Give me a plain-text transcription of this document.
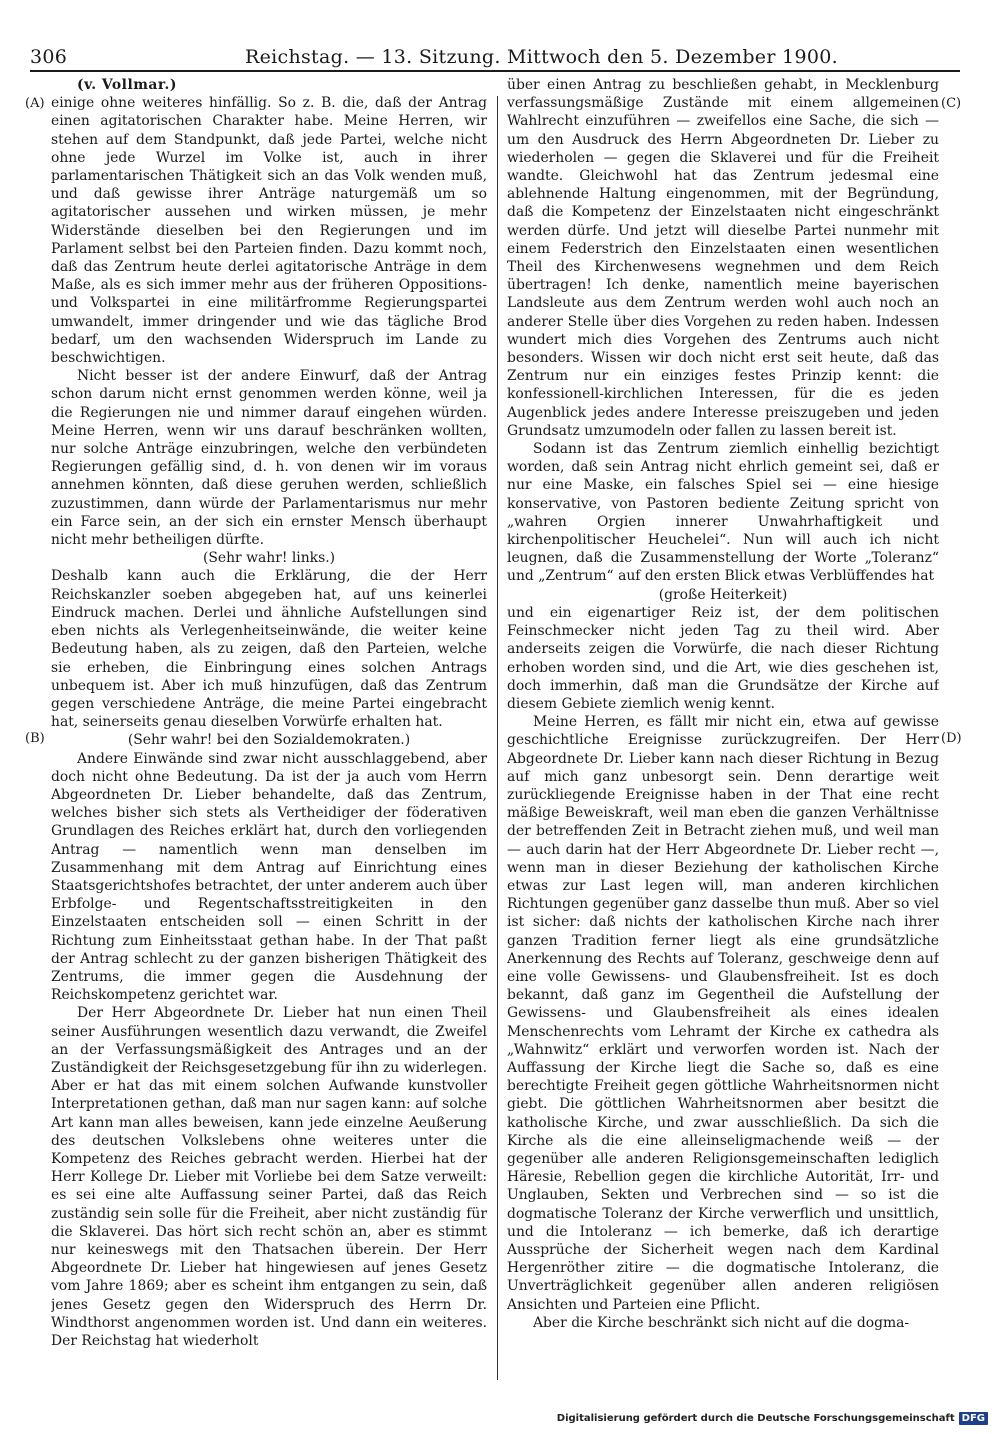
306	Reichstag. — 13. Sitzung. Mittwoch den 5. Dezember 1900.
(A)
(B)
(C)
(D)

(v. Vollmar.)

einige ohne weiteres hinfällig. So z. B. die, daß der Antrag einen agitatorischen Charakter habe. Meine Herren, wir stehen auf dem Standpunkt, daß jede Partei, welche nicht ohne jede Wurzel im Volke ist, auch in ihrer parlamentarischen Thätigkeit sich an das Volk wenden muß, und daß gewisse ihrer Anträge naturgemäß um so agitatorischer aussehen und wirken müssen, je mehr Widerstände dieselben bei den Regierungen und im Parlament selbst bei den Parteien finden. Dazu kommt noch, daß das Zentrum heute derlei agitatorische Anträge in dem Maße, als es sich immer mehr aus der früheren Oppositions- und Volkspartei in eine militärfromme Regierungspartei umwandelt, immer dringender und wie das tägliche Brod bedarf, um den wachsenden Widerspruch im Lande zu beschwichtigen.

Nicht besser ist der andere Einwurf, daß der Antrag schon darum nicht ernst genommen werden könne, weil ja die Regierungen nie und nimmer darauf eingehen würden. Meine Herren, wenn wir uns darauf beschränken wollten, nur solche Anträge einzubringen, welche den verbündeten Regierungen gefällig sind, d. h. von denen wir im voraus annehmen könnten, daß diese geruhen werden, schließlich zuzustimmen, dann würde der Parlamentarismus nur mehr ein Farce sein, an der sich ein ernster Mensch überhaupt nicht mehr betheiligen dürfte.

(Sehr wahr! links.)

Deshalb kann auch die Erklärung, die der Herr Reichskanzler soeben abgegeben hat, auf uns keinerlei Eindruck machen. Derlei und ähnliche Aufstellungen sind eben nichts als Verlegenheitseinwände, die weiter keine Bedeutung haben, als zu zeigen, daß den Parteien, welche sie erheben, die Einbringung eines solchen Antrags unbequem ist. Aber ich muß hinzufügen, daß das Zentrum gegen verschiedene Anträge, die meine Partei eingebracht hat, seinerseits genau dieselben Vorwürfe erhalten hat.

(Sehr wahr! bei den Sozialdemokraten.)

Andere Einwände sind zwar nicht ausschlaggebend, aber doch nicht ohne Bedeutung. Da ist der ja auch vom Herrn Abgeordneten Dr. Lieber behandelte, daß das Zentrum, welches bisher sich stets als Vertheidiger der föderativen Grundlagen des Reiches erklärt hat, durch den vorliegenden Antrag — namentlich wenn man denselben im Zusammenhang mit dem Antrag auf Einrichtung eines Staatsgerichtshofes betrachtet, der unter anderem auch über Erbfolge- und Regentschaftsstreitigkeiten in den Einzelstaaten entscheiden soll — einen Schritt in der Richtung zum Einheitsstaat gethan habe. In der That paßt der Antrag schlecht zu der ganzen bisherigen Thätigkeit des Zentrums, die immer gegen die Ausdehnung der Reichskompetenz gerichtet war.

Der Herr Abgeordnete Dr. Lieber hat nun einen Theil seiner Ausführungen wesentlich dazu verwandt, die Zweifel an der Verfassungsmäßigkeit des Antrages und an der Zuständigkeit der Reichsgesetzgebung für ihn zu widerlegen. Aber er hat das mit einem solchen Aufwande kunstvoller Interpretationen gethan, daß man nur sagen kann: auf solche Art kann man alles beweisen, kann jede einzelne Aeußerung des deutschen Volkslebens ohne weiteres unter die Kompetenz des Reiches gebracht werden. Hierbei hat der Herr Kollege Dr. Lieber mit Vorliebe bei dem Satze verweilt: es sei eine alte Auffassung seiner Partei, daß das Reich zuständig sein solle für die Freiheit, aber nicht zuständig für die Sklaverei. Das hört sich recht schön an, aber es stimmt nur keineswegs mit den Thatsachen überein. Der Herr Abgeordnete Dr. Lieber hat hingewiesen auf jenes Gesetz vom Jahre 1869; aber es scheint ihm entgangen zu sein, daß jenes Gesetz gegen den Widerspruch des Herrn Dr. Windthorst angenommen worden ist. Und dann ein weiteres. Der Reichstag hat wiederholt

über einen Antrag zu beschließen gehabt, in Mecklenburg verfassungsmäßige Zustände mit einem allgemeinen Wahlrecht einzuführen — zweifellos eine Sache, die sich — um den Ausdruck des Herrn Abgeordneten Dr. Lieber zu wiederholen — gegen die Sklaverei und für die Freiheit wandte. Gleichwohl hat das Zentrum jedesmal eine ablehnende Haltung eingenommen, mit der Begründung, daß die Kompetenz der Einzelstaaten nicht eingeschränkt werden dürfe. Und jetzt will dieselbe Partei nunmehr mit einem Federstrich den Einzelstaaten einen wesentlichen Theil des Kirchenwesens wegnehmen und dem Reich übertragen! Ich denke, namentlich meine bayerischen Landsleute aus dem Zentrum werden wohl auch noch an anderer Stelle über dies Vorgehen zu reden haben. Indessen wundert mich dies Vorgehen des Zentrums auch nicht besonders. Wissen wir doch nicht erst seit heute, daß das Zentrum nur ein einziges festes Prinzip kennt: die konfessionell-kirchlichen Interessen, für die es jeden Augenblick jedes andere Interesse preiszugeben und jeden Grundsatz umzumodeln oder fallen zu lassen bereit ist.

Sodann ist das Zentrum ziemlich einhellig bezichtigt worden, daß sein Antrag nicht ehrlich gemeint sei, daß er nur eine Maske, ein falsches Spiel sei — eine hiesige konservative, von Pastoren bediente Zeitung spricht von „wahren Orgien innerer Unwahrhaftigkeit und kirchenpolitischer Heuchelei“. Nun will auch ich nicht leugnen, daß die Zusammenstellung der Worte „Toleranz“ und „Zentrum“ auf den ersten Blick etwas Verblüffendes hat

(große Heiterkeit)

und ein eigenartiger Reiz ist, der dem politischen Feinschmecker nicht jeden Tag zu theil wird. Aber anderseits zeigen die Vorwürfe, die nach dieser Richtung erhoben worden sind, und die Art, wie dies geschehen ist, doch immerhin, daß man die Grundsätze der Kirche auf diesem Gebiete ziemlich wenig kennt.

Meine Herren, es fällt mir nicht ein, etwa auf gewisse geschichtliche Ereignisse zurückzugreifen. Der Herr Abgeordnete Dr. Lieber kann nach dieser Richtung in Bezug auf mich ganz unbesorgt sein. Denn derartige weit zurückliegende Ereignisse haben in der That eine recht mäßige Beweiskraft, weil man eben die ganzen Verhältnisse der betreffenden Zeit in Betracht ziehen muß, und weil man — auch darin hat der Herr Abgeordnete Dr. Lieber recht —, wenn man in dieser Beziehung der katholischen Kirche etwas zur Last legen will, man anderen kirchlichen Richtungen gegenüber ganz dasselbe thun muß. Aber so viel ist sicher: daß nichts der katholischen Kirche nach ihrer ganzen Tradition ferner liegt als eine grundsätzliche Anerkennung des Rechts auf Toleranz, geschweige denn auf eine volle Gewissens- und Glaubensfreiheit. Ist es doch bekannt, daß ganz im Gegentheil die Aufstellung der Gewissens- und Glaubensfreiheit als eines idealen Menschenrechts vom Lehramt der Kirche ex cathedra als „Wahnwitz“ erklärt und verworfen worden ist. Nach der Auffassung der Kirche liegt die Sache so, daß es eine berechtigte Freiheit gegen göttliche Wahrheitsnormen nicht giebt. Die göttlichen Wahrheitsnormen aber besitzt die katholische Kirche, und zwar ausschließlich. Da sich die Kirche als die eine alleinseligmachende weiß — der gegenüber alle anderen Religionsgemeinschaften lediglich Häresie, Rebellion gegen die kirchliche Autorität, Irr- und Unglauben, Sekten und Verbrechen sind — so ist die dogmatische Toleranz der Kirche verwerflich und unsittlich, und die Intoleranz — ich bemerke, daß ich derartige Aussprüche der Sicherheit wegen nach dem Kardinal Hergenröther zitire — die dogmatische Intoleranz, die Unverträglichkeit gegenüber allen anderen religiösen Ansichten und Parteien eine Pflicht.

Aber die Kirche beschränkt sich nicht auf die dogma-

Digitalisierung gefördert durch die Deutsche Forschungsgemeinschaft DFG
